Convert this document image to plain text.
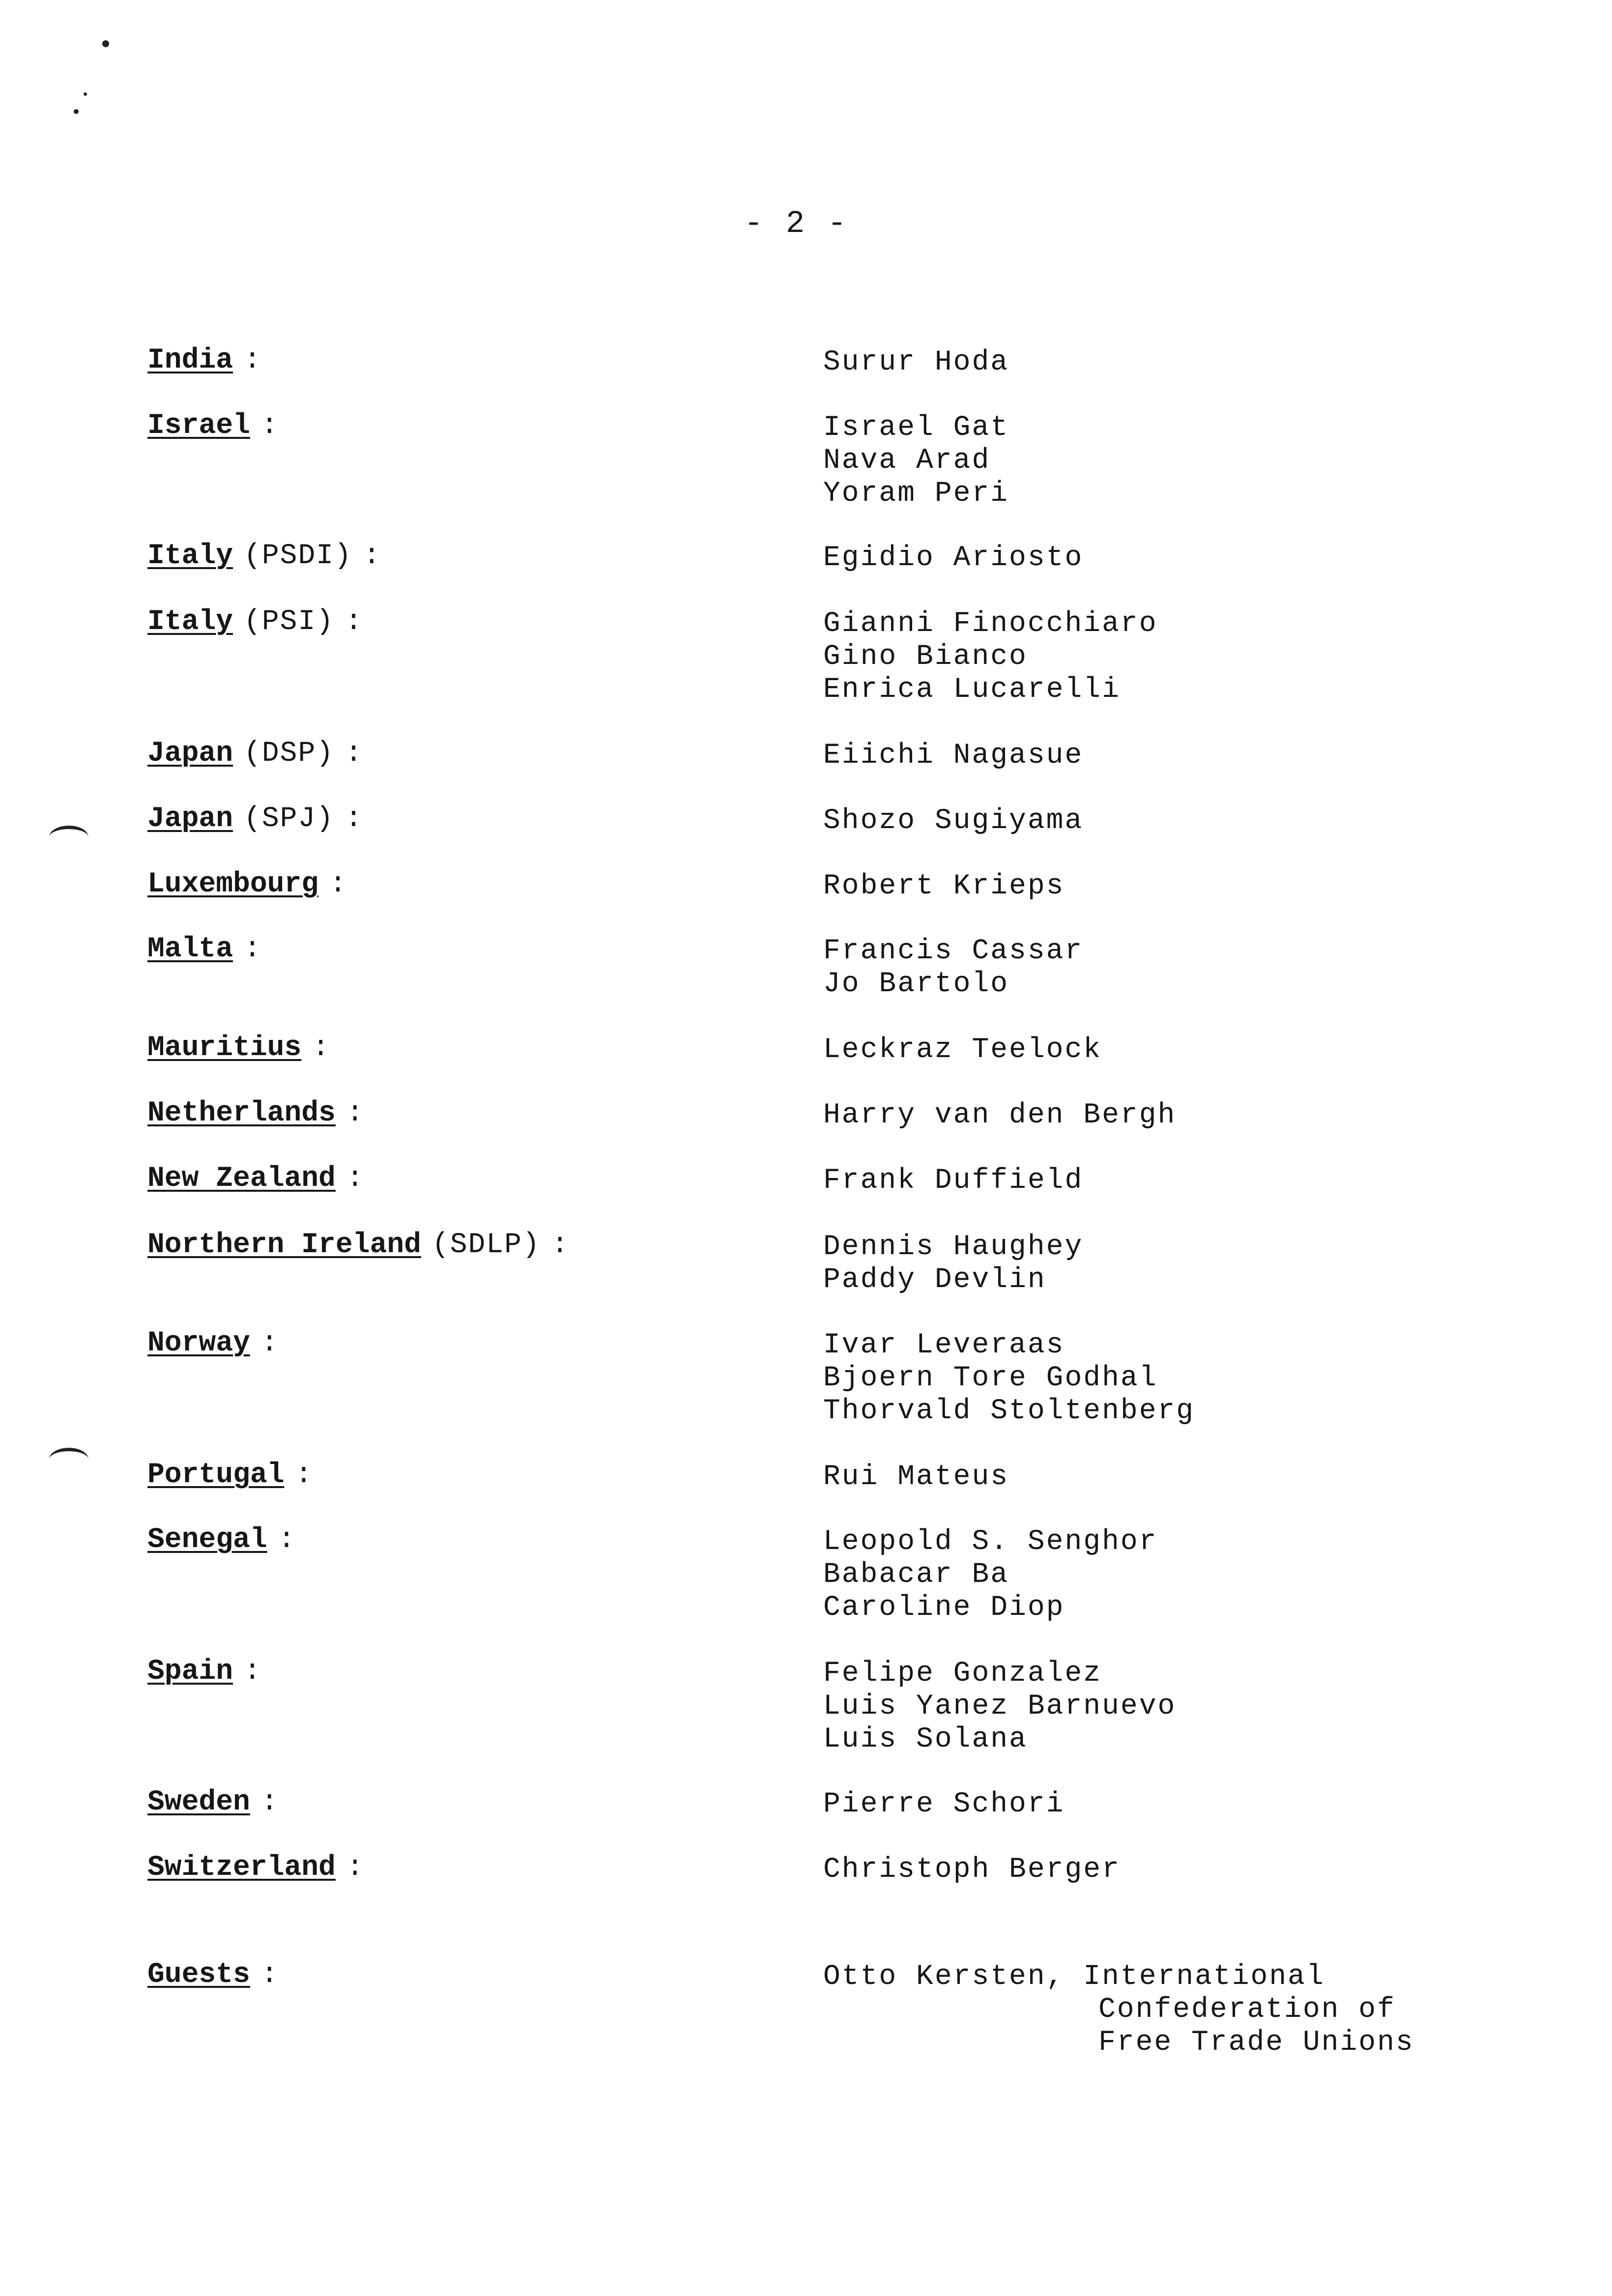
- 2 -
India :	Surur Hoda
Israel :	Israel Gat
Nava Arad
Yoram Peri
Italy (PSDI) :	Egidio Ariosto
Italy (PSI) :	Gianni Finocchiaro
Gino Bianco
Enrica Lucarelli
Japan (DSP) :	Eiichi Nagasue
Japan (SPJ) :	Shozo Sugiyama
Luxembourg :	Robert Krieps
Malta :	Francis Cassar
Jo Bartolo
Mauritius :	Leckraz Teelock
Netherlands :	Harry van den Bergh
New Zealand :	Frank Duffield
Northern Ireland (SDLP) :	Dennis Haughey
Paddy Devlin
Norway :	Ivar Leveraas
Bjoern Tore Godhal
Thorvald Stoltenberg
Portugal :	Rui Mateus
Senegal :	Leopold S. Senghor
Babacar Ba
Caroline Diop
Spain :	Felipe Gonzalez
Luis Yanez Barnuevo
Luis Solana
Sweden :	Pierre Schori
Switzerland :	Christoph Berger
Guests :	Otto Kersten, International
Confederation of
Free Trade Unions
